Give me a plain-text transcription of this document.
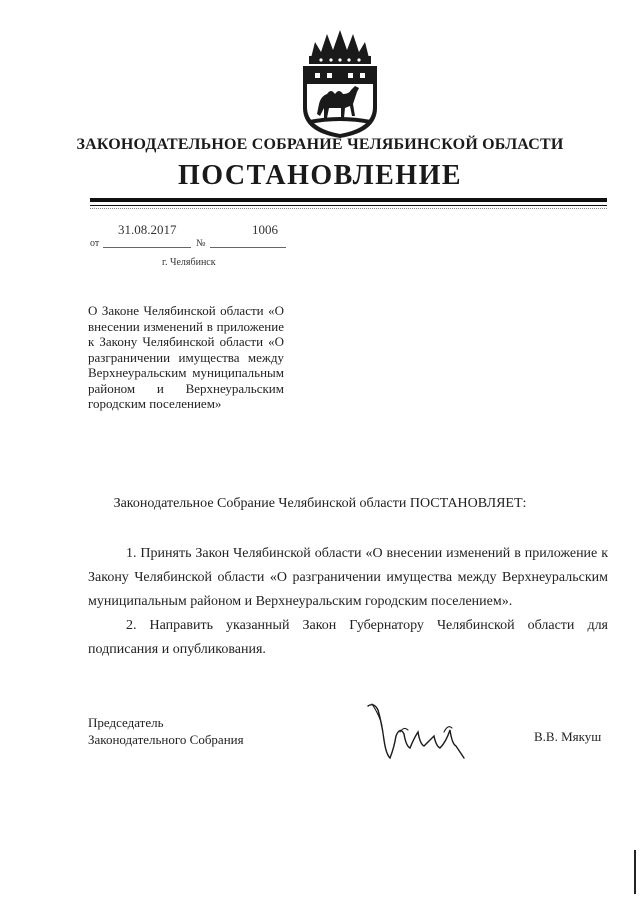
ЗАКОНОДАТЕЛЬНОЕ СОБРАНИЕ ЧЕЛЯБИНСКОЙ ОБЛАСТИ
ПОСТАНОВЛЕНИЕ
от
31.08.2017
№
1006
г. Челябинск
О Законе Челябинской области «О внесении изменений в приложение к Закону Челябинской области «О разграничении имущества между Верхнеуральским муниципальным районом и Верхнеуральским городским поселением»
Законодательное Собрание Челябинской области ПОСТАНОВЛЯЕТ:
1. Принять Закон Челябинской области «О внесении изменений в приложение к Закону Челябинской области «О разграничении имущества между Верхнеуральским муниципальным районом и Верхнеуральским городским поселением».
2. Направить указанный Закон Губернатору Челябинской области для подписания и опубликования.
Председатель
Законодательного Собрания	В.В. Мякуш
